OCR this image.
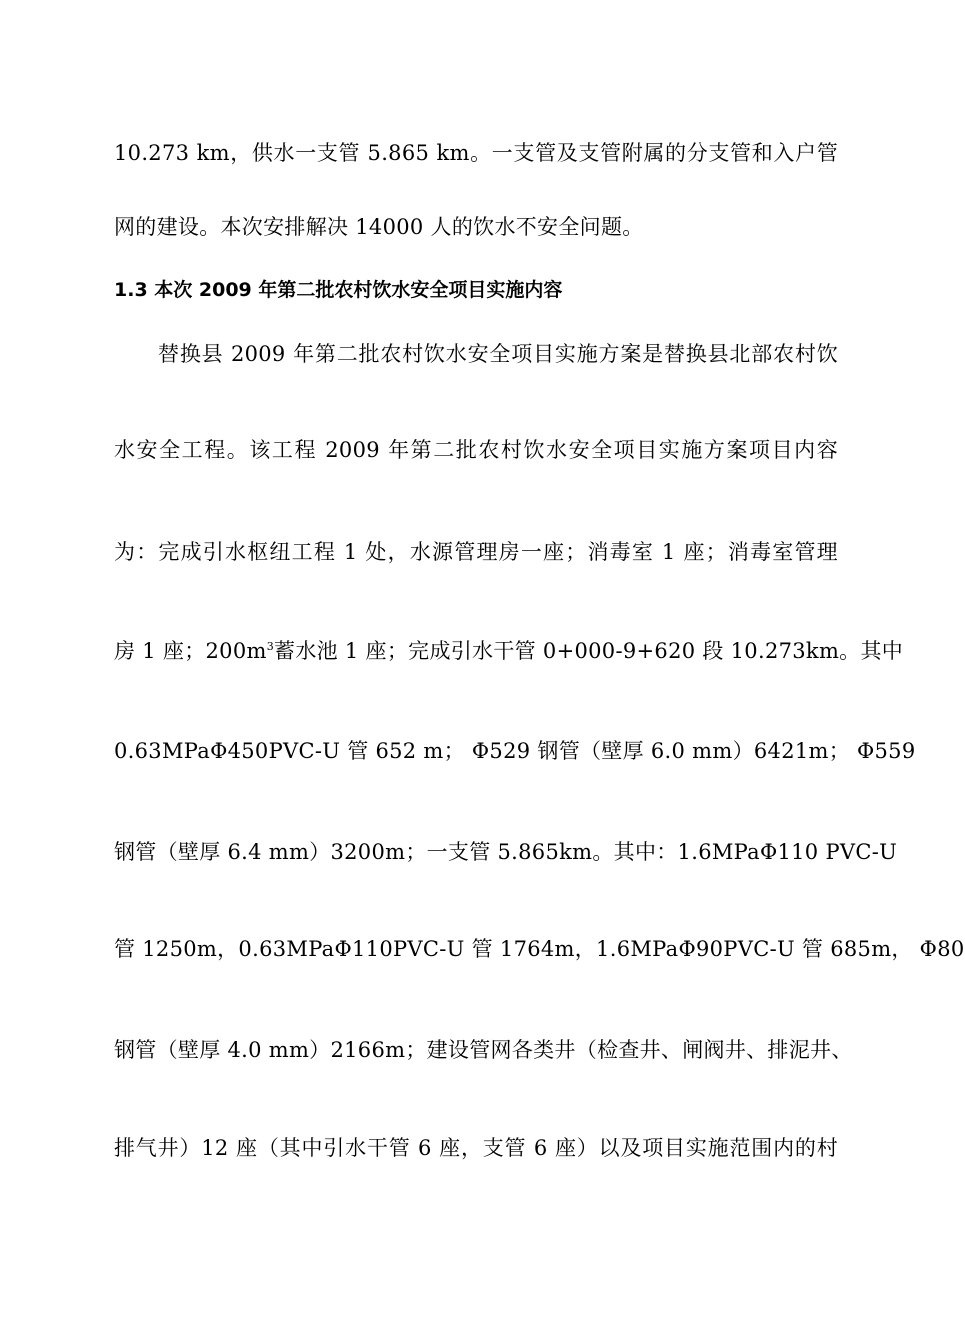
10.273 km，供水一支管 5.865 km。一支管及支管附属的分支管和入户管
网的建设。本次安排解决 14000 人的饮水不安全问题。
1.3 本次 2009 年第二批农村饮水安全项目实施内容
替换县 2009 年第二批农村饮水安全项目实施方案是替换县北部农村饮
水安全工程。该工程 2009 年第二批农村饮水安全项目实施方案项目内容
为：完成引水枢纽工程 1 处，水源管理房一座；消毒室 1 座；消毒室管理
房 1 座；$200m^3$蓄水池 1 座；完成引水干管 0+000-9+620 段 10.273km。其中
0.63MPaΦ450PVC-U 管 652 m； Φ529 钢管（壁厚 6.0 mm）6421m； Φ559
钢管（壁厚 6.4 mm）3200m；一支管 5.865km。其中：1.6MPaΦ110 PVC-U
管 1250m，0.63MPaΦ110PVC-U 管 1764m，1.6MPaΦ90PVC-U 管 685m， Φ80
钢管（壁厚 4.0 mm）2166m；建设管网各类井（检查井、闸阀井、排泥井、
排气井）12 座（其中引水干管 6 座，支管 6 座）以及项目实施范围内的村
